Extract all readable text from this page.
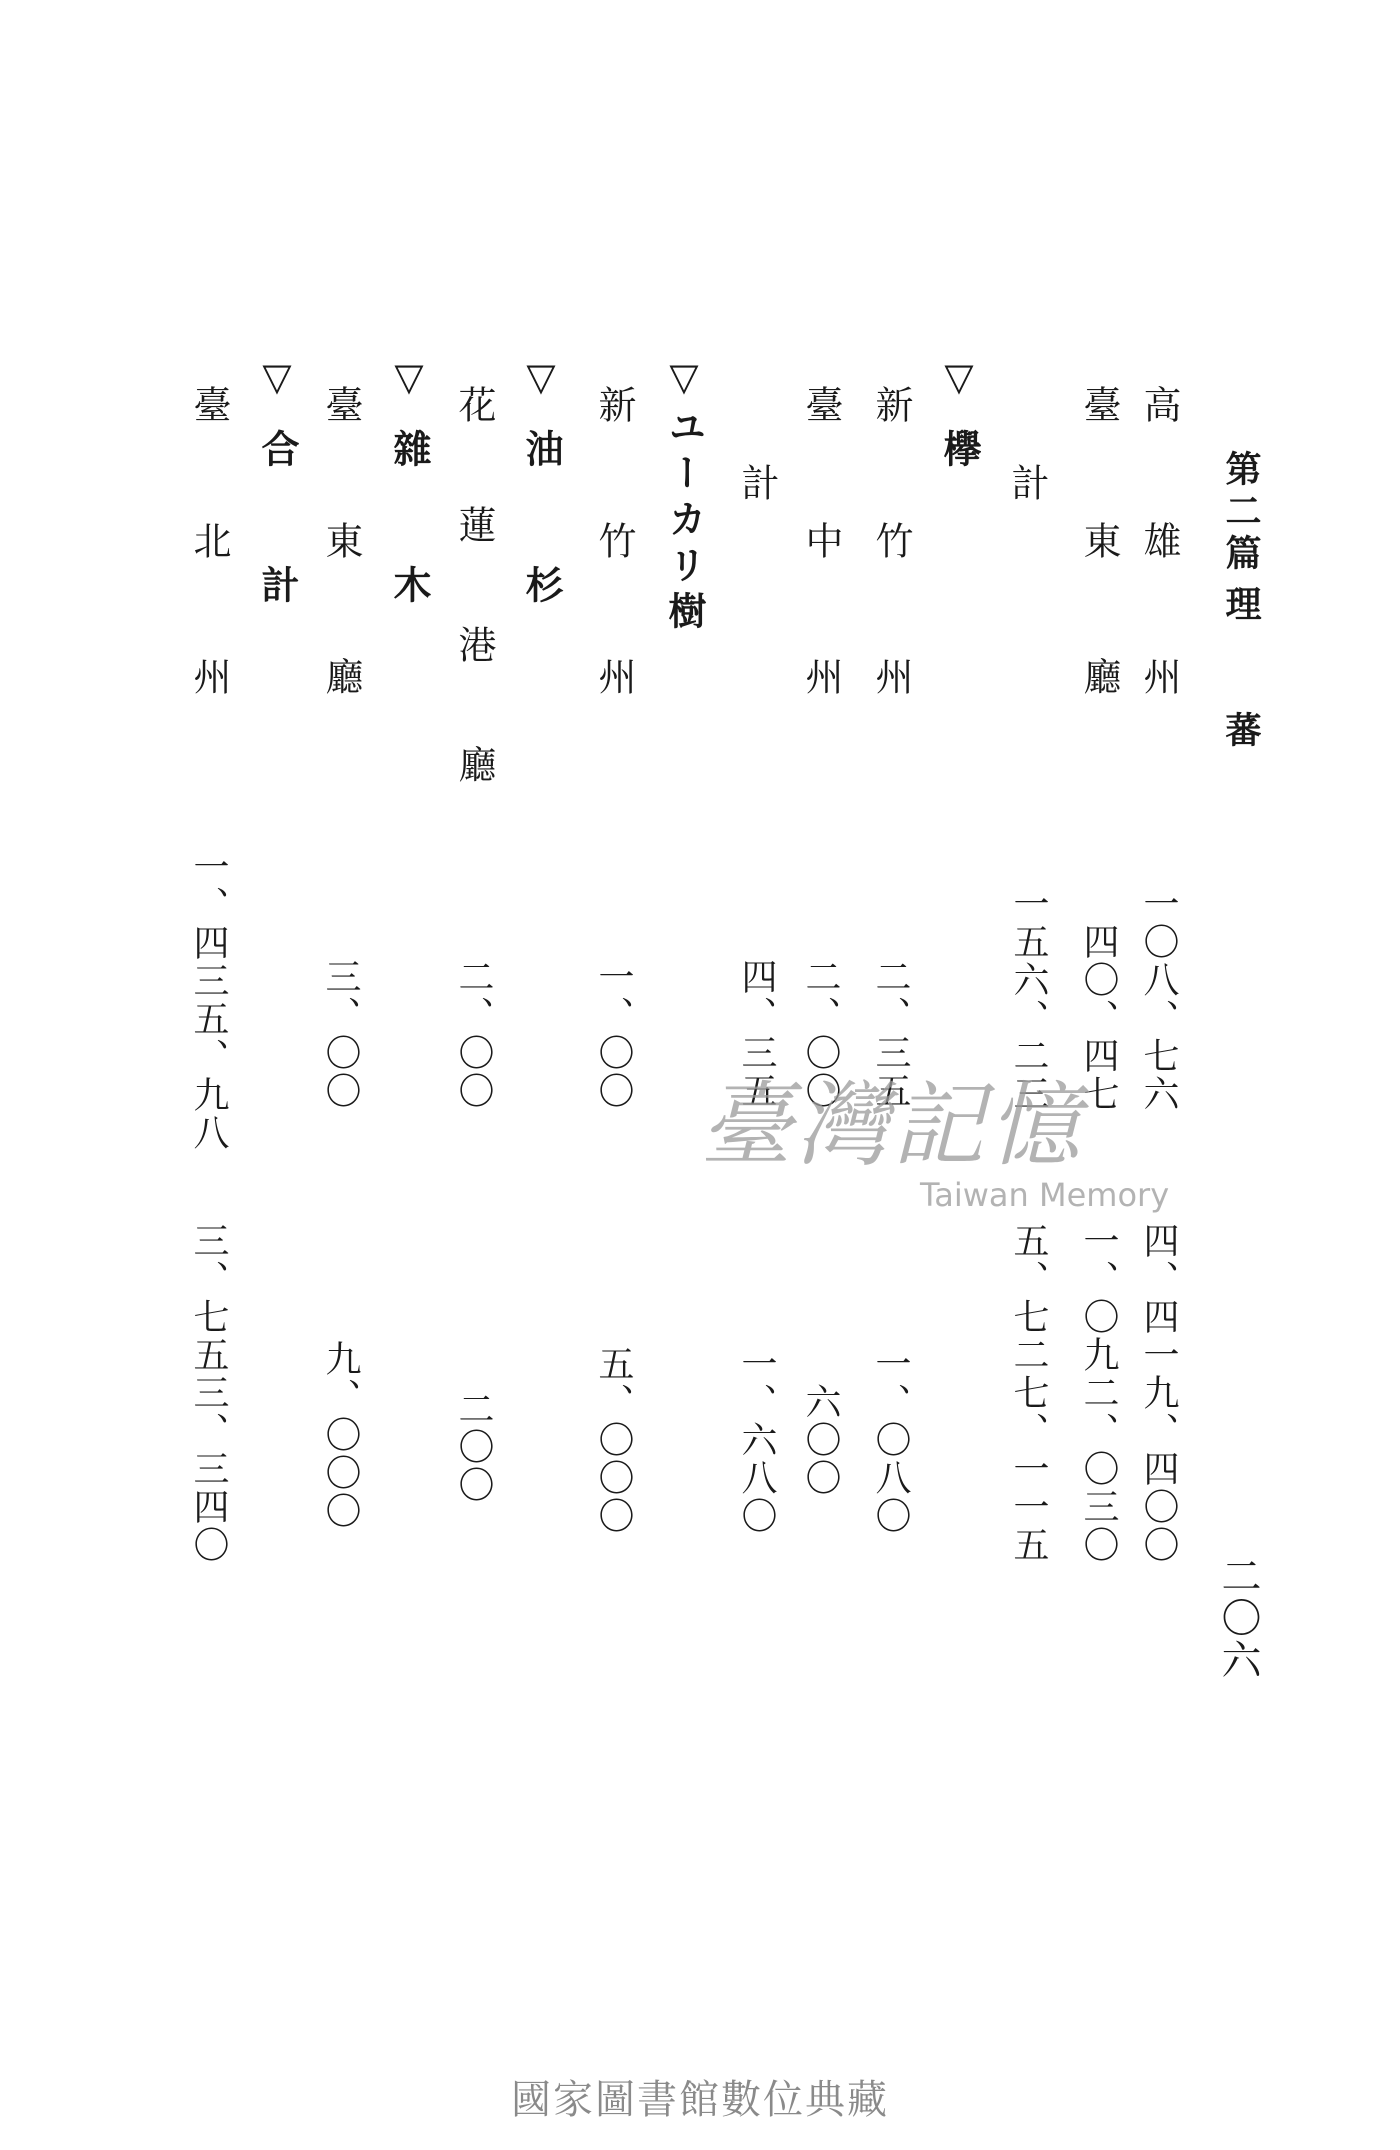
第二篇
理　　蕃
二〇六
高　雄　州
一〇八、七六
四、四一九、四〇〇
臺　東　廳
四〇、四七
一、〇九二、〇三〇
　計
一五六、二三
五、七二七、一一五
▽欅
新　竹　州
二、三五
一、〇八〇
臺　中　州
二、〇〇
六〇〇
　計
四、三五
一、六八〇
▽ユーカリ樹
新　竹　州
一、〇〇
五、〇〇〇
▽油　杉
花　蓮　港　廳
二、〇〇
二〇〇
▽雜　木
臺　東　廳
三、〇〇
九、〇〇〇
▽合　計
臺　北　州
一、四三五、九八
三、七五三、三四〇
臺灣記憶
Taiwan Memory
國家圖書館數位典藏
